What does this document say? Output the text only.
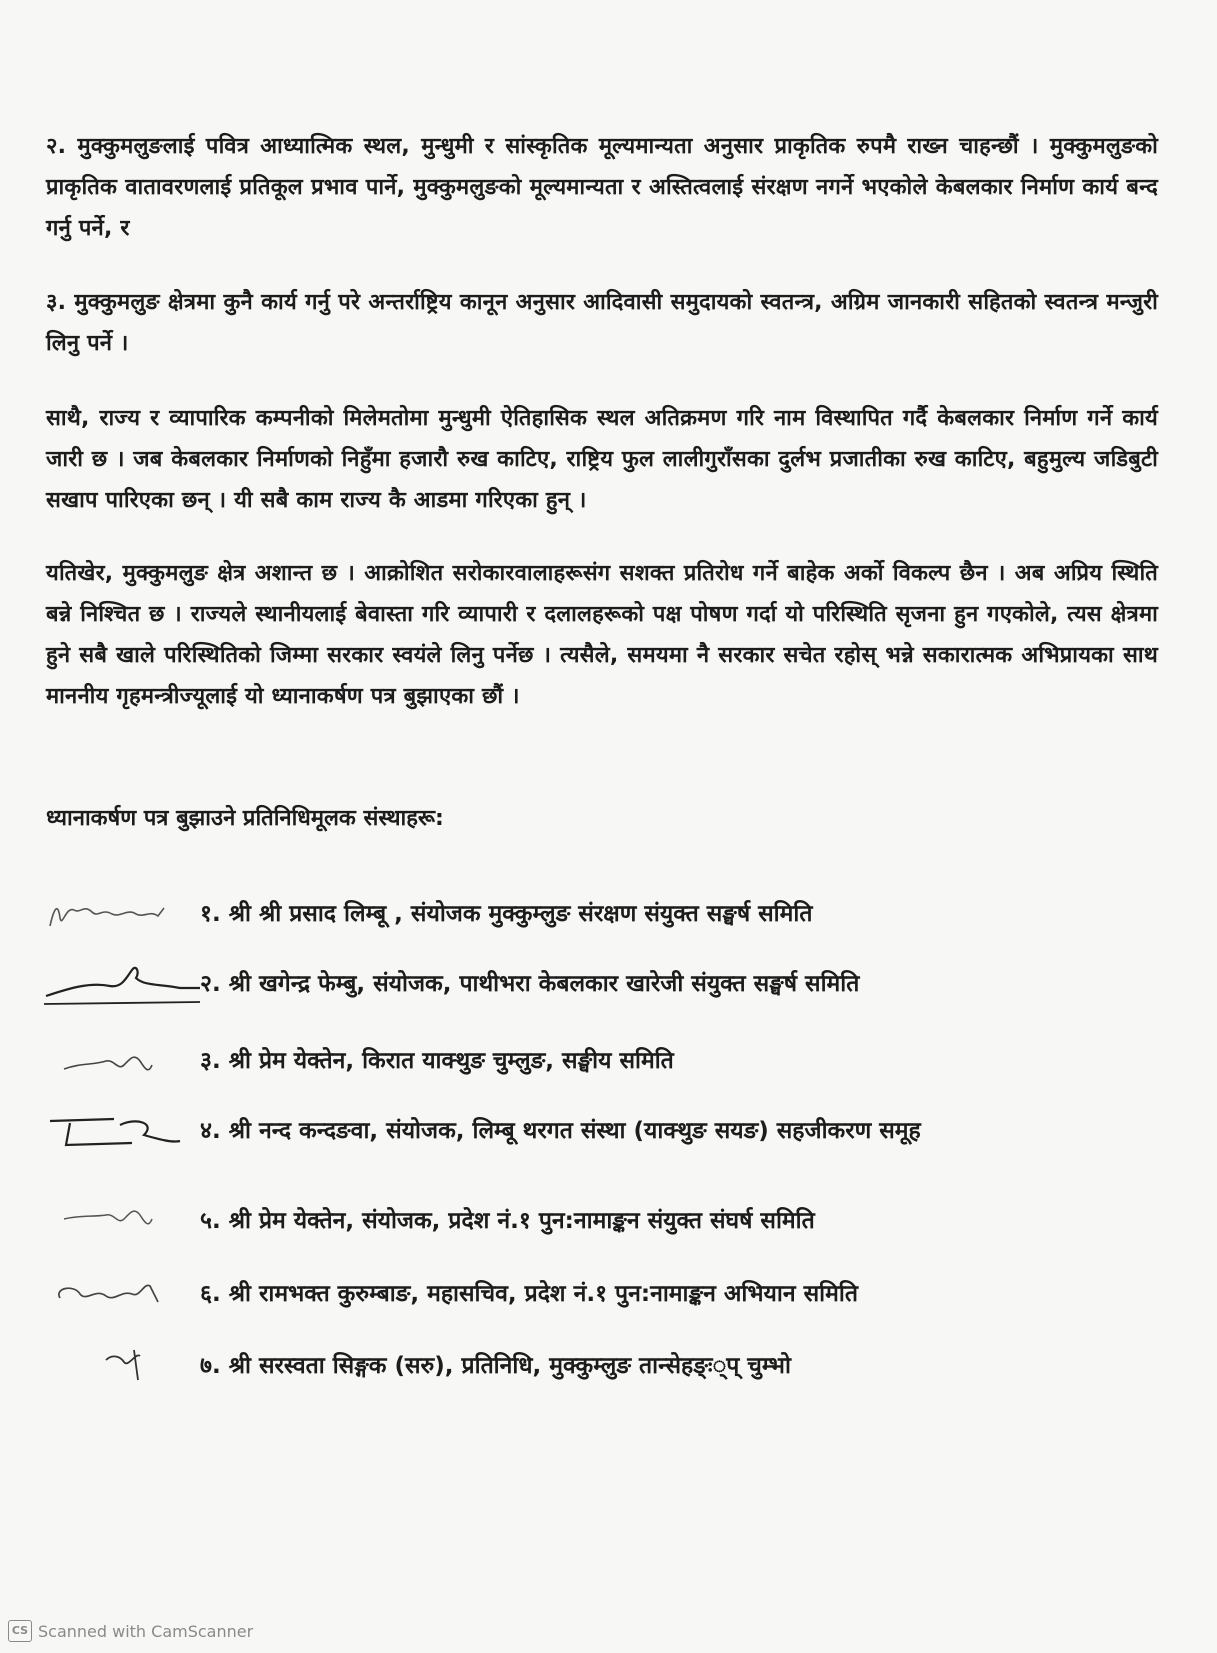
२. मुक्कुमलुङलाई पवित्र आध्यात्मिक स्थल, मुन्धुमी र सांस्कृतिक मूल्यमान्यता अनुसार प्राकृतिक रुपमै राख्न चाहन्छौं । मुक्कुमलुङको प्राकृतिक वातावरणलाई प्रतिकूल प्रभाव पार्ने, मुक्कुमलुङको मूल्यमान्यता र अस्तित्वलाई संरक्षण नगर्ने भएकोले केबलकार निर्माण कार्य बन्द गर्नु पर्ने, र
३. मुक्कुमलुङ क्षेत्रमा कुनै कार्य गर्नु परे अन्तर्राष्ट्रिय कानून अनुसार आदिवासी समुदायको स्वतन्त्र, अग्रिम जानकारी सहितको स्वतन्त्र मन्जुरी लिनु पर्ने ।
साथै, राज्य र व्यापारिक कम्पनीको मिलेमतोमा मुन्धुमी ऐतिहासिक स्थल अतिक्रमण गरि नाम विस्थापित गर्दै केबलकार निर्माण गर्ने कार्य जारी छ । जब केबलकार निर्माणको निहुँमा हजारौ रुख काटिए, राष्ट्रिय फुल लालीगुराँसका दुर्लभ प्रजातीका रुख काटिए, बहुमुल्य जडिबुटी सखाप पारिएका छन् । यी सबै काम राज्य कै आडमा गरिएका हुन् ।
यतिखेर, मुक्कुमलुङ क्षेत्र अशान्त छ । आक्रोशित सरोकारवालाहरूसंग सशक्त प्रतिरोध गर्ने बाहेक अर्को विकल्प छैन । अब अप्रिय स्थिति बन्ने निश्चित छ । राज्यले स्थानीयलाई बेवास्ता गरि व्यापारी र दलालहरूको पक्ष पोषण गर्दा यो परिस्थिति सृजना हुन गएकोले, त्यस क्षेत्रमा हुने सबै खाले परिस्थितिको जिम्मा सरकार स्वयंले लिनु पर्नेछ । त्यसैले, समयमा नै सरकार सचेत रहोस् भन्ने सकारात्मक अभिप्रायका साथ माननीय गृहमन्त्रीज्यूलाई यो ध्यानाकर्षण पत्र बुझाएका छौं ।
ध्यानाकर्षण पत्र बुझाउने प्रतिनिधिमूलक संस्थाहरू:
१. श्री श्री प्रसाद लिम्बू , संयोजक मुक्कुम्लुङ संरक्षण संयुक्त सङ्घर्ष समिति
२. श्री खगेन्द्र फेम्बु, संयोजक, पाथीभरा केबलकार खारेजी संयुक्त सङ्घर्ष समिति
३. श्री प्रेम येक्तेन, किरात याक्थुङ चुम्लुङ, सङ्घीय समिति
४. श्री नन्द कन्दङवा, संयोजक, लिम्बू थरगत संस्था (याक्थुङ सयङ) सहजीकरण समूह
५. श्री प्रेम येक्तेन, संयोजक, प्रदेश नं.१ पुन:नामाङ्कन संयुक्त संघर्ष समिति
६. श्री रामभक्त कुरुम्बाङ, महासचिव, प्रदेश नं.१ पुन:नामाङ्कन अभियान समिति
७. श्री सरस्वता सिङ्गक (सरु), प्रतिनिधि, मुक्कुम्लुङ तान्सेहङ्ः्प् चुम्भो
CS Scanned with CamScanner
